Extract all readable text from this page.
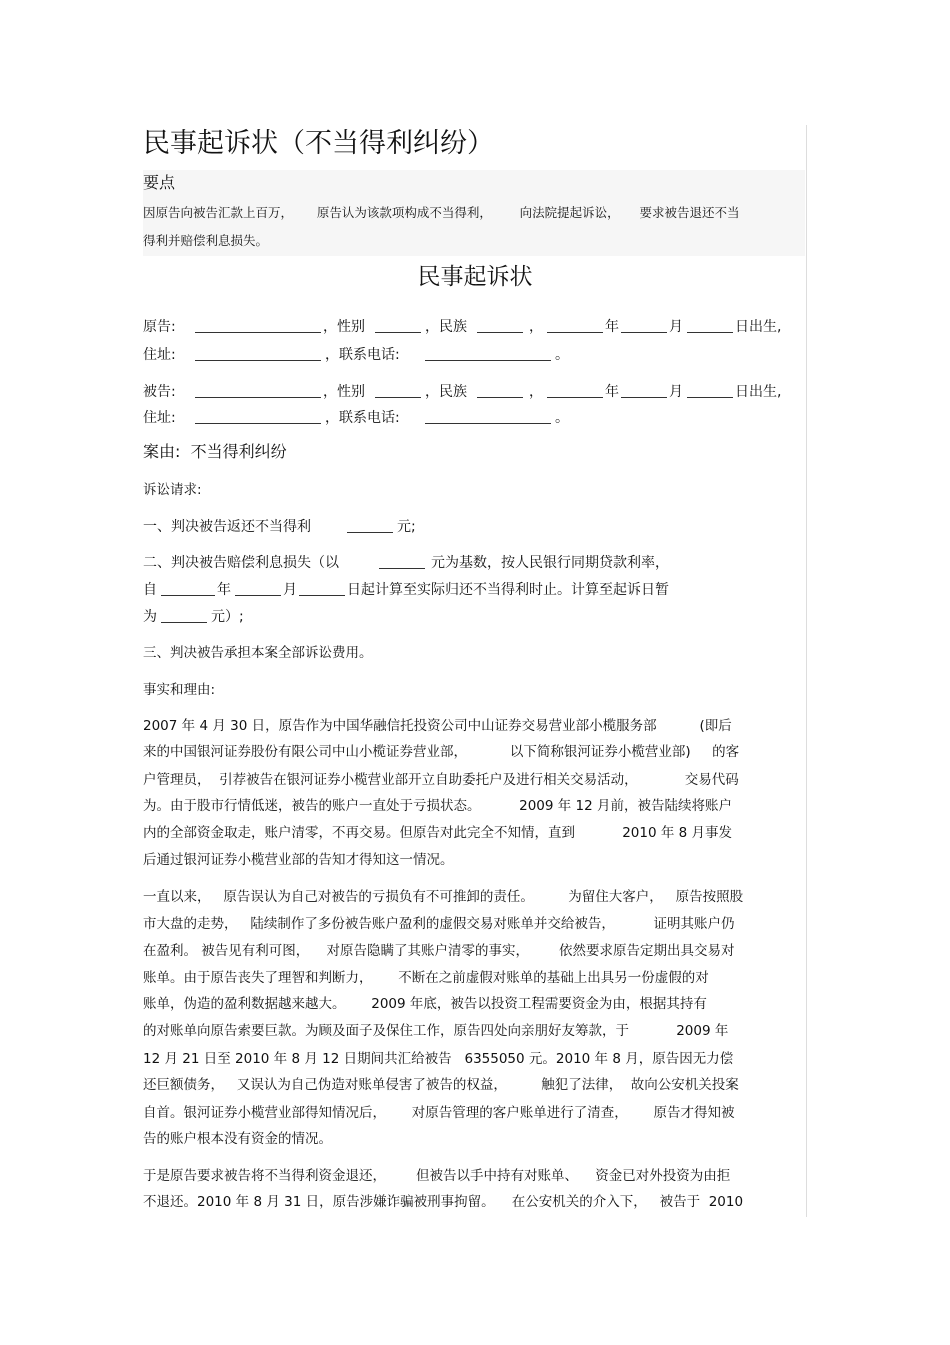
民事起诉状（不当得利纠纷）
要点
因原告向被告汇款上百万，      原告认为该款项构成不当得利，       向法院提起诉讼，     要求被告退还不当
得利并赔偿利息损失。
民事起诉状

原告:	，性别	，民族	，	年	月	日出生,

住址:	，联系电话:	。

被告:	，性别	，民族	，	年	月	日出生,

住址:	，联系电话:	。

案由:  不当得利纠纷
诉讼请求:

一、判决被告返还不当得利	元;

二、判决被告赔偿利息损失（以	元为基数，按人民银行同期贷款利率，

自	年	月	日起计算至实际归还不当得利时止。计算至起诉日暂

为	元）;

三、判决被告承担本案全部诉讼费用。
事实和理由:
2007 年 4 月 30 日，原告作为中国华融信托投资公司中山证券交易营业部小榄服务部          (即后
来的中国银河证券股份有限公司中山小榄证券营业部，          以下简称银河证券小榄营业部)     的客
户管理员，  引荐被告在银河证券小榄营业部开立自助委托户及进行相关交易活动，           交易代码
为。由于股市行情低迷，被告的账户一直处于亏损状态。         2009 年 12 月前，被告陆续将账户
内的全部资金取走，账户清零，不再交易。但原告对此完全不知情，直到           2010 年 8 月事发
后通过银河证券小榄营业部的告知才得知这一情况。
一直以来，   原告误认为自己对被告的亏损负有不可推卸的责任。        为留住大客户，   原告按照股
市大盘的走势，   陆续制作了多份被告账户盈利的虚假交易对账单并交给被告，         证明其账户仍
在盈利。 被告见有利可图，    对原告隐瞒了其账户清零的事实，       依然要求原告定期出具交易对
账单。由于原告丧失了理智和判断力，      不断在之前虚假对账单的基础上出具另一份虚假的对
账单，伪造的盈利数据越来越大。      2009 年底，被告以投资工程需要资金为由，根据其持有
的对账单向原告索要巨款。为顾及面子及保住工作，原告四处向亲朋好友筹款，于           2009 年
12 月 21 日至 2010 年 8 月 12 日期间共汇给被告   6355050 元。2010 年 8 月，原告因无力偿
还巨额债务，   又误认为自己伪造对账单侵害了被告的权益，        触犯了法律，  故向公安机关投案
自首。银河证券小榄营业部得知情况后，      对原告管理的客户账单进行了清查，      原告才得知被
告的账户根本没有资金的情况。
于是原告要求被告将不当得利资金退还，       但被告以手中持有对账单、    资金已对外投资为由拒
不退还。2010 年 8 月 31 日，原告涉嫌诈骗被刑事拘留。    在公安机关的介入下，   被告于  2010
